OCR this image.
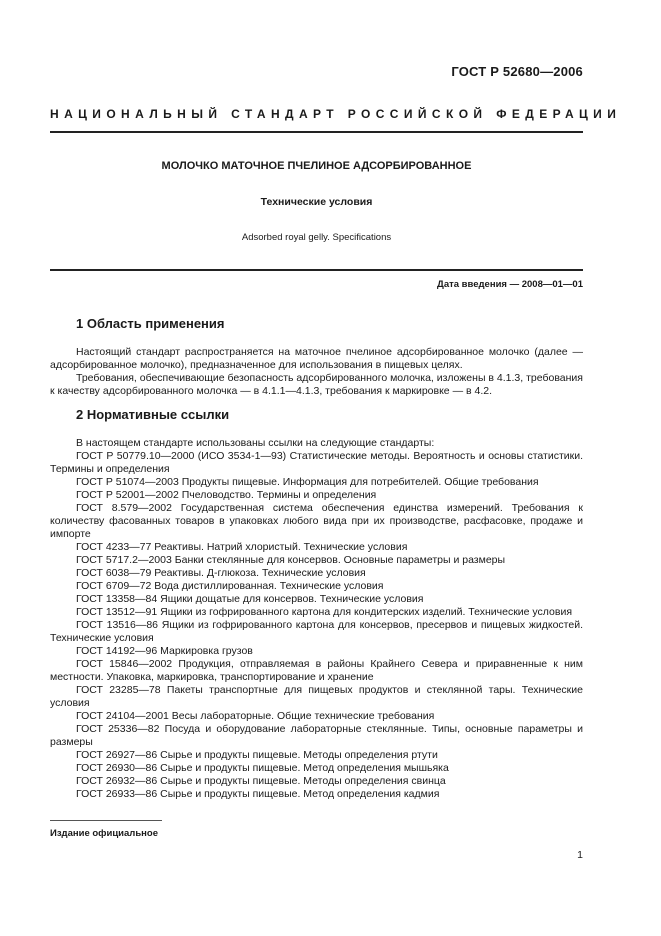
ГОСТ Р 52680—2006
НАЦИОНАЛЬНЫЙ СТАНДАРТ РОССИЙСКОЙ ФЕДЕРАЦИИ
МОЛОЧКО МАТОЧНОЕ ПЧЕЛИНОЕ АДСОРБИРОВАННОЕ
Технические условия
Adsorbed royal gelly. Specifications
Дата введения — 2008—01—01
1 Область применения

Настоящий стандарт распространяется на маточное пчелиное адсорбированное молочко (далее — адсорбированное молочко), предназначенное для использования в пищевых целях.

Требования, обеспечивающие безопасность адсорбированного молочка, изложены в 4.1.3, требования к качеству адсорбированного молочка — в 4.1.1—4.1.3, требования к маркировке — в 4.2.

2 Нормативные ссылки

В настоящем стандарте использованы ссылки на следующие стандарты:

ГОСТ Р 50779.10—2000 (ИСО 3534-1—93) Статистические методы. Вероятность и основы статистики. Термины и определения
ГОСТ Р 51074—2003 Продукты пищевые. Информация для потребителей. Общие требования
ГОСТ Р 52001—2002 Пчеловодство. Термины и определения
ГОСТ 8.579—2002 Государственная система обеспечения единства измерений. Требования к количеству фасованных товаров в упаковках любого вида при их производстве, расфасовке, продаже и импорте
ГОСТ 4233—77 Реактивы. Натрий хлористый. Технические условия
ГОСТ 5717.2—2003 Банки стеклянные для консервов. Основные параметры и размеры
ГОСТ 6038—79 Реактивы. Д-глюкоза. Технические условия
ГОСТ 6709—72 Вода дистиллированная. Технические условия
ГОСТ 13358—84 Ящики дощатые для консервов. Технические условия
ГОСТ 13512—91 Ящики из гофрированного картона для кондитерских изделий. Технические условия
ГОСТ 13516—86 Ящики из гофрированного картона для консервов, пресервов и пищевых жидкостей. Технические условия
ГОСТ 14192—96 Маркировка грузов
ГОСТ 15846—2002 Продукция, отправляемая в районы Крайнего Севера и приравненные к ним местности. Упаковка, маркировка, транспортирование и хранение
ГОСТ 23285—78 Пакеты транспортные для пищевых продуктов и стеклянной тары. Технические условия
ГОСТ 24104—2001 Весы лабораторные. Общие технические требования
ГОСТ 25336—82 Посуда и оборудование лабораторные стеклянные. Типы, основные параметры и размеры
ГОСТ 26927—86 Сырье и продукты пищевые. Методы определения ртути
ГОСТ 26930—86 Сырье и продукты пищевые. Метод определения мышьяка
ГОСТ 26932—86 Сырье и продукты пищевые. Методы определения свинца
ГОСТ 26933—86 Сырье и продукты пищевые. Метод определения кадмия
Издание официальное
1
